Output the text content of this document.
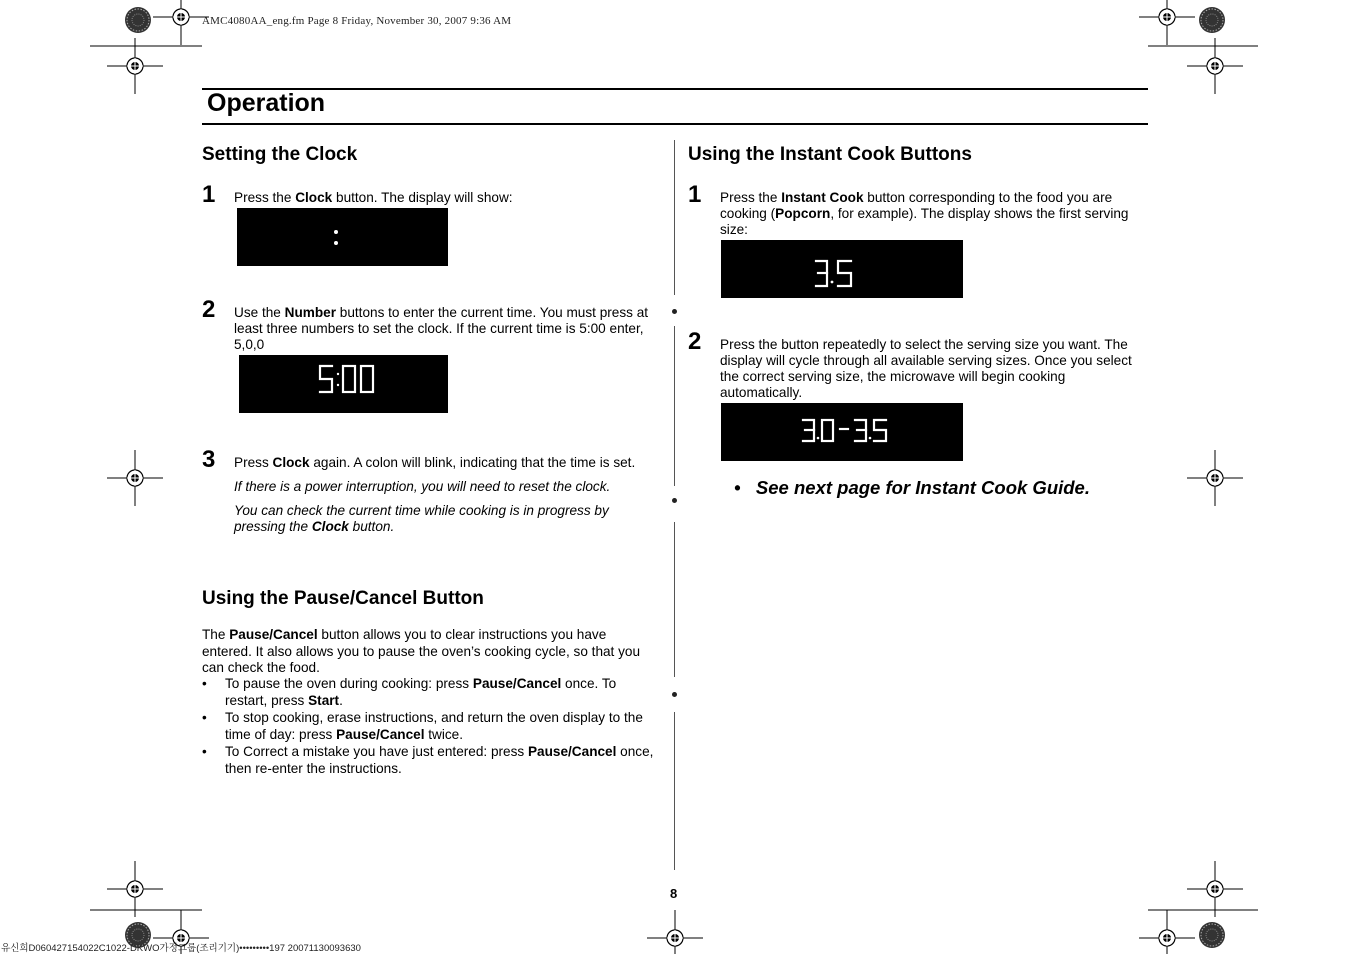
AMC4080AA_eng.fm Page 8 Friday, November 30, 2007 9:36 AM
Operation
Setting the Clock
1 Press the Clock button. The display will show:
2 Use the Number buttons to enter the current time. You must press at least three numbers to set the clock. If the current time is 5:00 enter, 5,0,0
3 Press Clock again. A colon will blink, indicating that the time is set.
If there is a power interruption, you will need to reset the clock.
You can check the current time while cooking is in progress by pressing the Clock button.
Using the Pause/Cancel Button
The Pause/Cancel button allows you to clear instructions you have entered. It also allows you to pause the oven’s cooking cycle, so that you can check the food.
• To pause the oven during cooking: press Pause/Cancel once. To restart, press Start.
• To stop cooking, erase instructions, and return the oven display to the time of day: press Pause/Cancel twice.
• To Correct a mistake you have just entered: press Pause/Cancel once, then re-enter the instructions.
Using the Instant Cook Buttons
1 Press the Instant Cook button corresponding to the food you are cooking (Popcorn, for example). The display shows the first serving size:
2 Press the button repeatedly to select the serving size you want. The display will cycle through all available serving sizes. Once you select the correct serving size, the microwave will begin cooking automatically.
• See next page for Instant Cook Guide.
8
유신희D060427154022C1022-DKWO가정그룹(조리기기)•••••••••197 20071130093630
